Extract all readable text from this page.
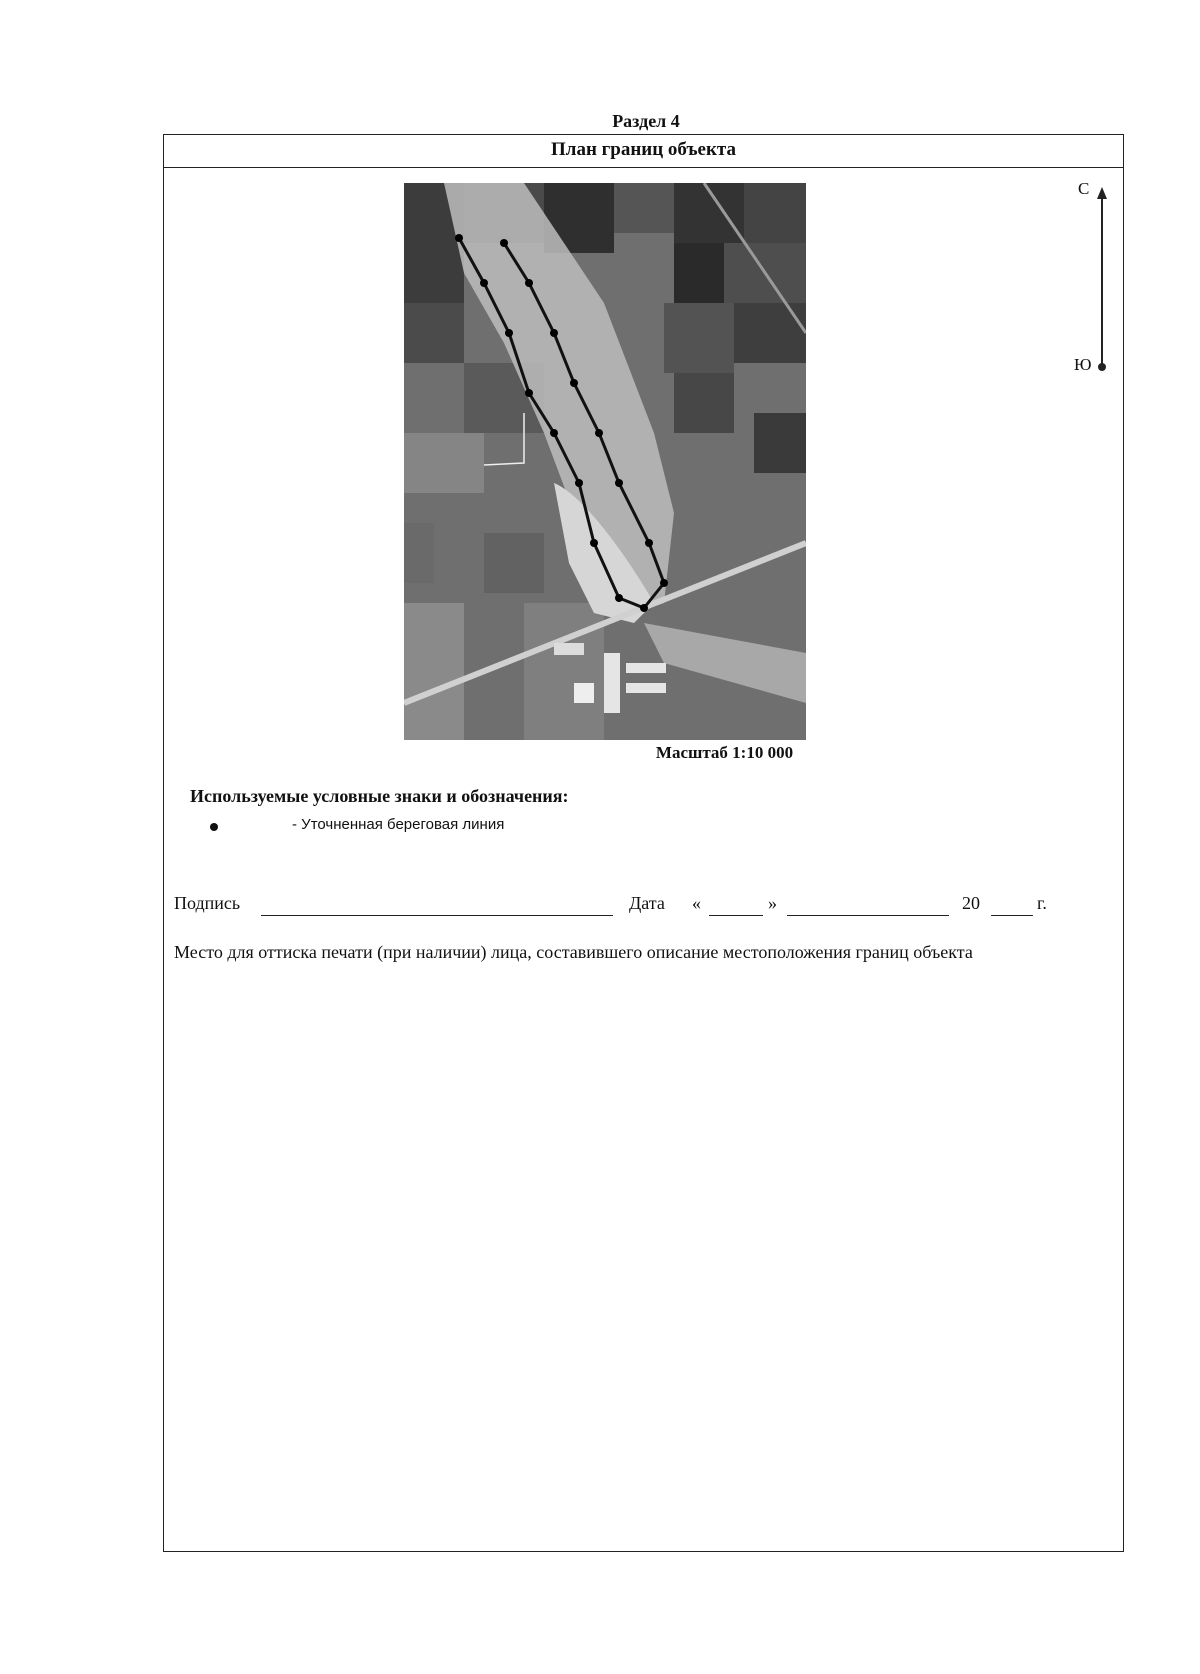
Раздел 4
План границ объекта
Масштаб 1:10 000
С
Ю
Используемые условные знаки и обозначения:
- Уточненная береговая линия
Подпись	Дата «	»	20	г.
Место для оттиска печати (при наличии) лица, составившего описание местоположения границ объекта
